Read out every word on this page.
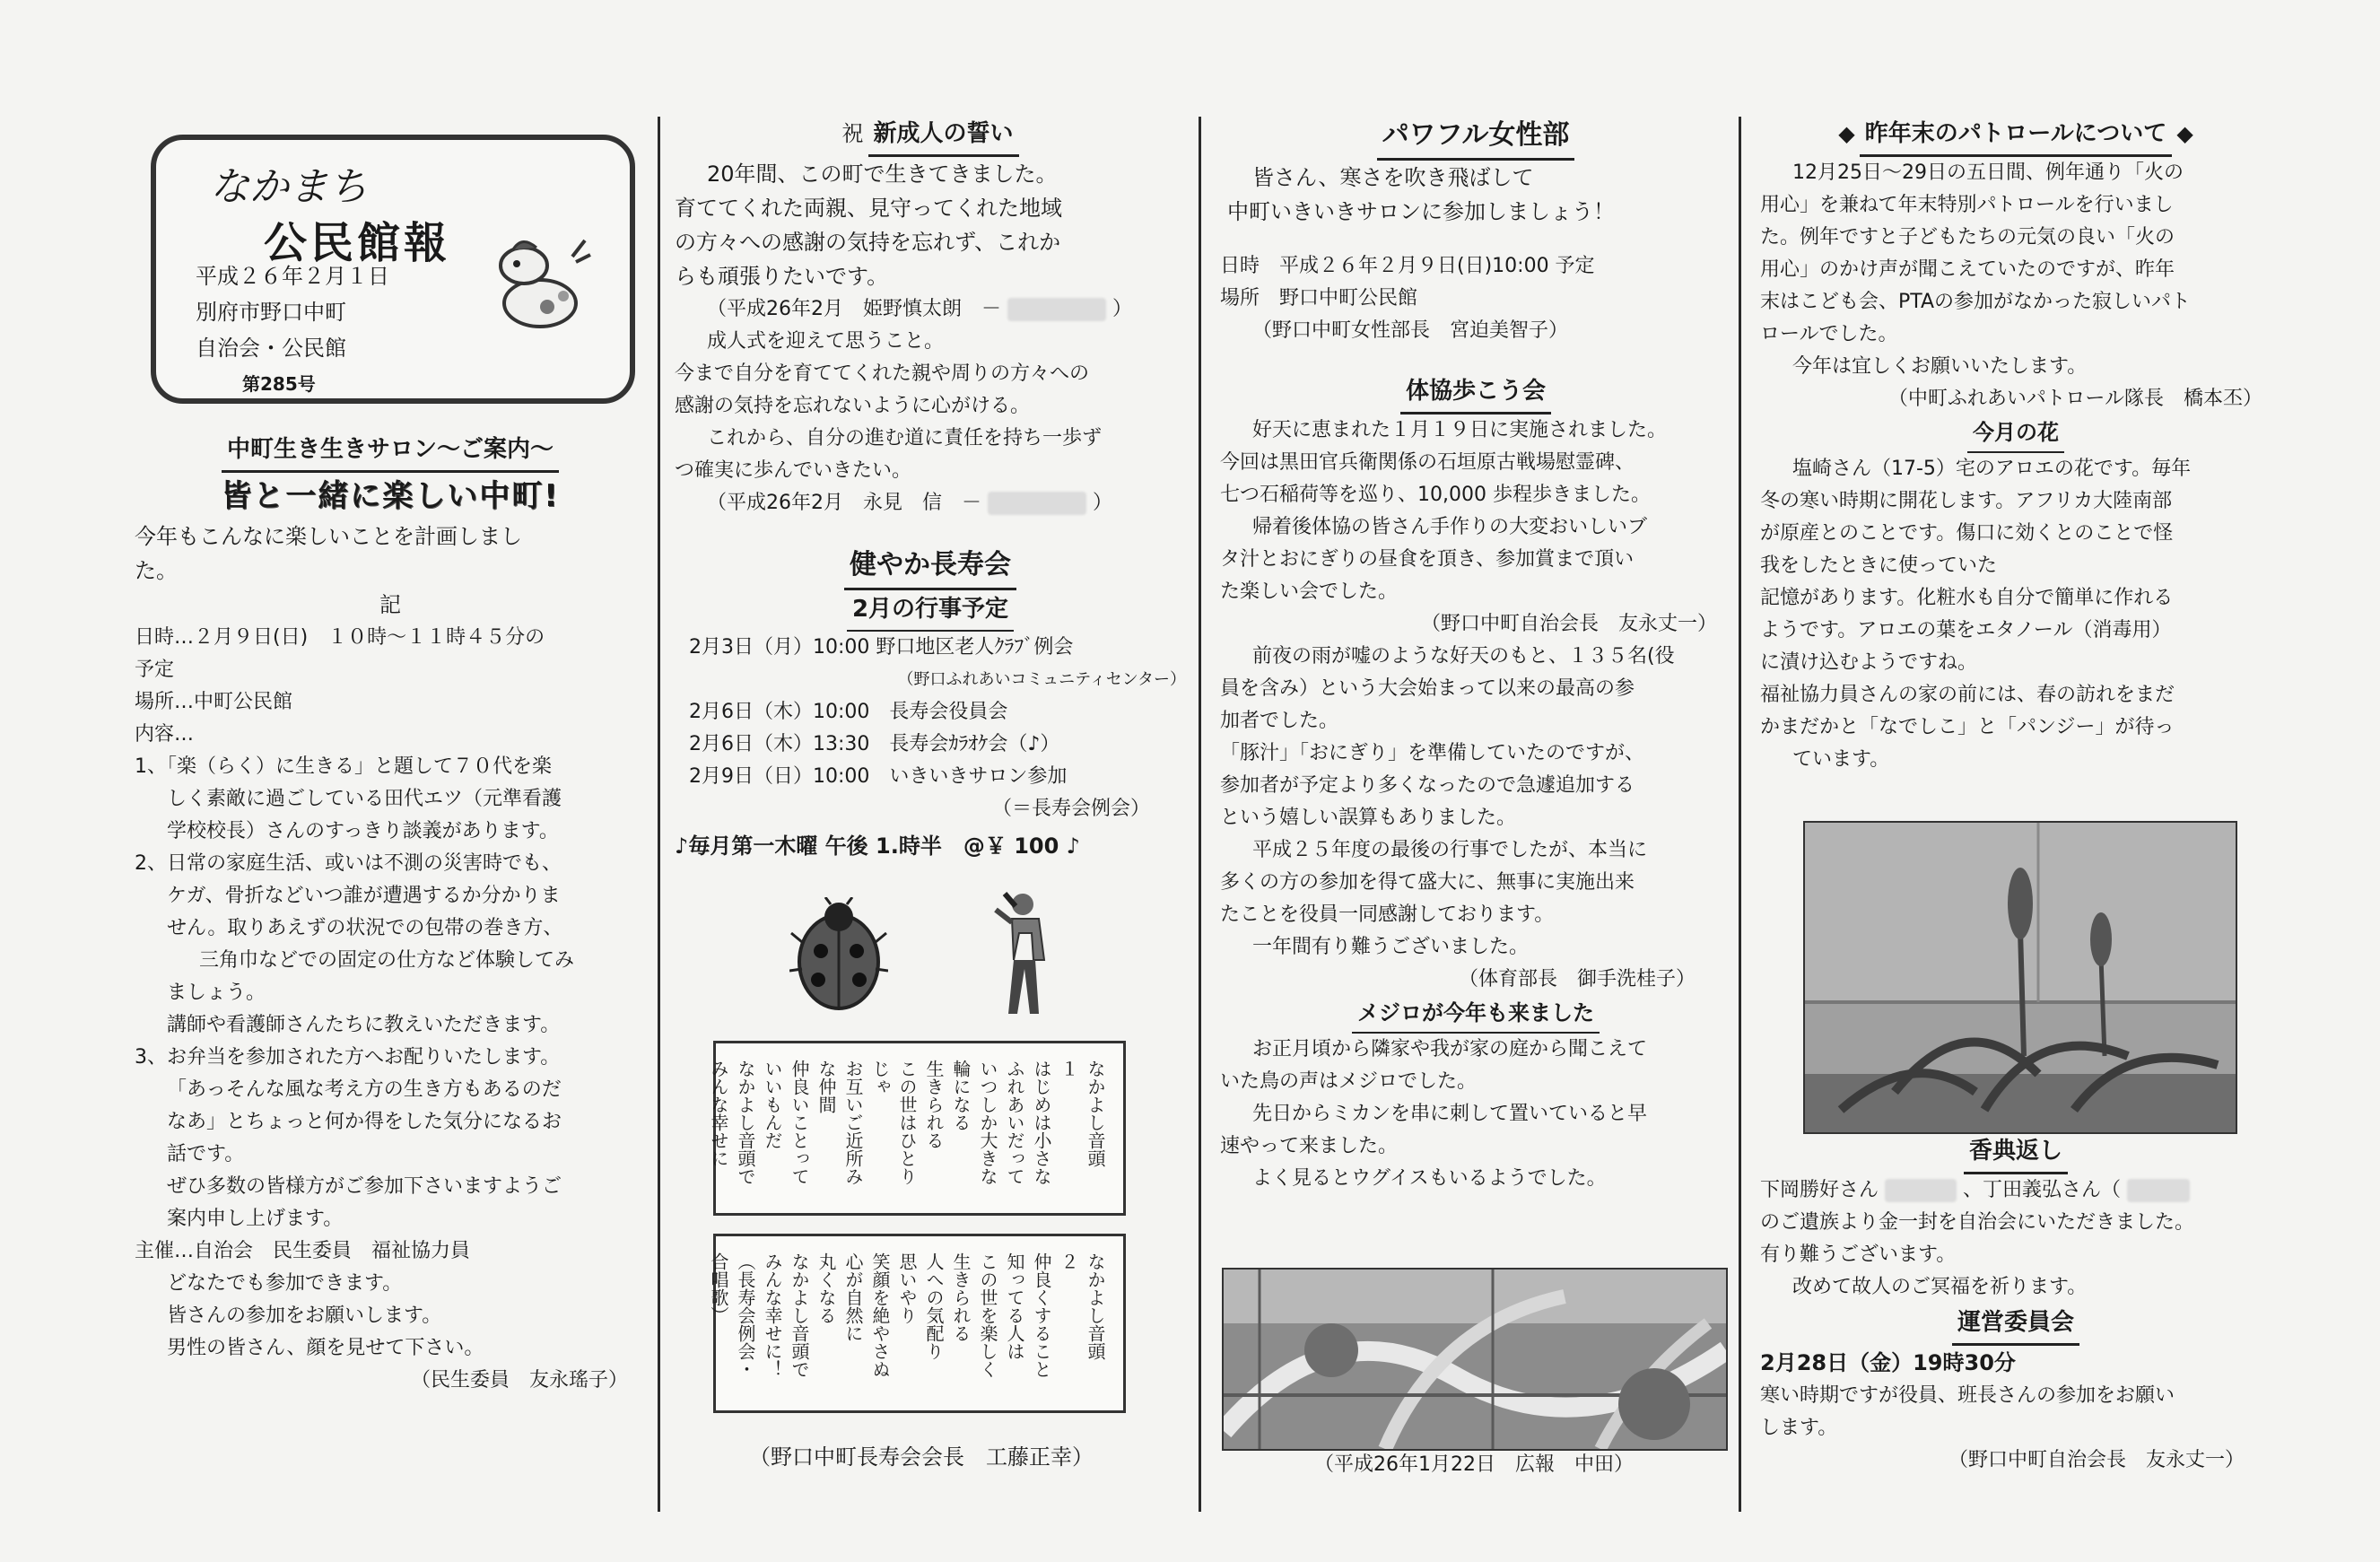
なかまち
公民館報
平成２６年２月１日
別府市野口中町
自治会・公民館
第285号

中町生き生きサロン～ご案内～

皆と一緒に楽しい中町!

今年もこんなに楽しいことを計画しまし

た。

記

日時…２月９日(日)　１０時～１１時４５分の

予定

場所…中町公民館

内容…

1、「楽（らく）に生きる」と題して７０代を楽

しく素敵に過ごしている田代エツ（元準看護

学校校長）さんのすっきり談義があります。

2、日常の家庭生活、或いは不測の災害時でも、

ケガ、骨折などいつ誰が遭遇するか分かりま

せん。取りあえずの状況での包帯の巻き方、

三角巾などでの固定の仕方など体験してみ

ましょう。

講師や看護師さんたちに教えいただきます。

3、お弁当を参加された方へお配りいたします。

「あっそんな風な考え方の生き方もあるのだ

なあ」とちょっと何か得をした気分になるお

話です。

ぜひ多数の皆様方がご参加下さいますようご

案内申し上げます。

主催…自治会　民生委員　福祉協力員

どなたでも参加できます。

皆さんの参加をお願いします。

男性の皆さん、顔を見せて下さい。

（民生委員　友永瑤子）

祝 新成人の誓い

20年間、この町で生きてきました。

育ててくれた両親、見守ってくれた地域

の方々への感謝の気持を忘れず、これか

らも頑張りたいです。

（平成26年2月　姫野慎太朗　－	）

成人式を迎えて思うこと。

今まで自分を育ててくれた親や周りの方々への

感謝の気持を忘れないように心がける。

これから、自分の進む道に責任を持ち一歩ず

つ確実に歩んでいきたい。

（平成26年2月　永見　信　－	）

健やか長寿会

2月の行事予定

2月3日（月）10:00 野口地区老人ｸﾗﾌﾞ例会

（野口ふれあいコミュニティセンター）

2月6日（木）10:00　長寿会役員会

2月6日（木）13:30　長寿会ｶﾗｵｹ会（♪）

2月9日（日）10:00　いきいきサロン参加

（＝長寿会例会）

♪毎月第一木曜 午後 1.時半　@￥ 100 ♪

なかよし音頭

１

はじめは小さな

ふれあいだって

いつしか大きな

輪になる

生きられる

この世はひとりじゃ

お互いご近所みな仲間

仲良いことって

いいもんだ

なかよし音頭で

みんな幸せに

なかよし音頭

２

仲良くすること

知ってる人は

この世を楽しく

生きられる

人への気配り

思いやり

笑顔を絶やさぬ

心が自然に

丸くなる

なかよし音頭で

みんな幸せに！

（長寿会例会・合唱歌）

（野口中町長寿会会長　工藤正幸）

パワフル女性部

皆さん、寒さを吹き飛ばして

中町いきいきサロンに参加しましょう！

日時　平成２６年２月９日(日)10:00 予定

場所　野口中町公民館

（野口中町女性部長　宮迫美智子）

体協歩こう会

好天に恵まれた１月１９日に実施されました。

今回は黒田官兵衛関係の石垣原古戦場慰霊碑、

七つ石稲荷等を巡り、10,000 歩程歩きました。

帰着後体協の皆さん手作りの大変おいしいブ

タ汁とおにぎりの昼食を頂き、参加賞まで頂い

た楽しい会でした。

（野口中町自治会長　友永丈一）

前夜の雨が嘘のような好天のもと、１３５名(役

員を含み）という大会始まって以来の最高の参

加者でした。

「豚汁」「おにぎり」を準備していたのですが、

参加者が予定より多くなったので急遽追加する

という嬉しい誤算もありました。

平成２５年度の最後の行事でしたが、本当に

多くの方の参加を得て盛大に、無事に実施出来

たことを役員一同感謝しております。

一年間有り難うございました。

（体育部長　御手洗桂子）

メジロが今年も来ました

お正月頃から隣家や我が家の庭から聞こえて

いた鳥の声はメジロでした。

先日からミカンを串に刺して置いていると早

速やって来ました。

よく見るとウグイスもいるようでした。

（平成26年1月22日　広報　中田）

◆ 昨年末のパトロールについて ◆

12月25日～29日の五日間、例年通り「火の

用心」を兼ねて年末特別パトロールを行いまし

た。例年ですと子どもたちの元気の良い「火の

用心」のかけ声が聞こえていたのですが、昨年

末はこども会、PTAの参加がなかった寂しいパト

ロールでした。

今年は宜しくお願いいたします。

（中町ふれあいパトロール隊長　橋本丕）

今月の花

塩崎さん（17-5）宅のアロエの花です。毎年

冬の寒い時期に開花します。アフリカ大陸南部

が原産とのことです。傷口に効くとのことで怪

我をしたときに使っていた

記憶があります。化粧水も自分で簡単に作れる

ようです。アロエの葉をエタノール（消毒用）

に漬け込むようですね。

福祉協力員さんの家の前には、春の訪れをまだ

かまだかと「なでしこ」と「パンジー」が待っ

ています。

香典返し

下岡勝好さん	、丁田義弘さん（

のご遺族より金一封を自治会にいただきました。

有り難うございます。

改めて故人のご冥福を祈ります。

運営委員会

2月28日（金）19時30分

寒い時期ですが役員、班長さんの参加をお願い

します。

（野口中町自治会長　友永丈一）
